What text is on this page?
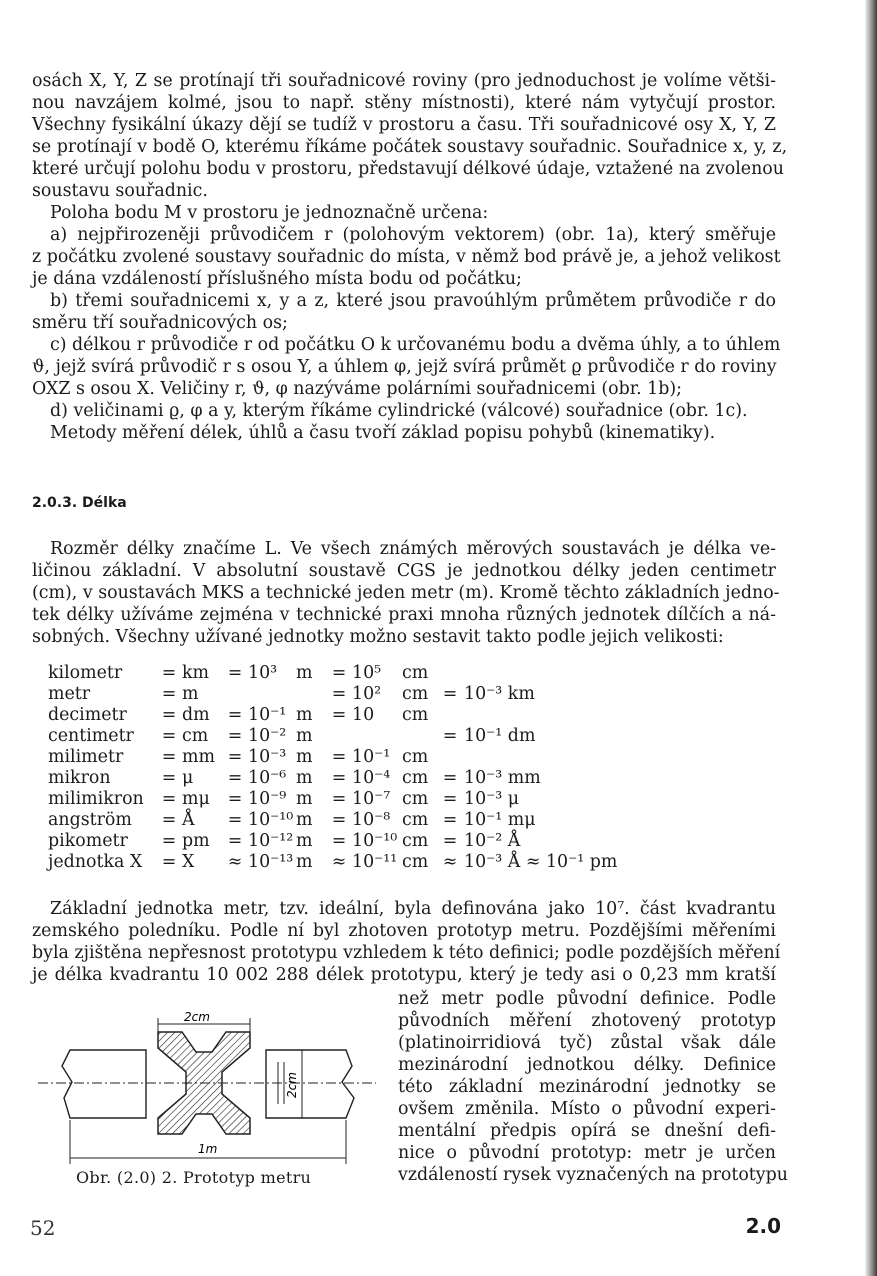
osách X, Y, Z se protínají tři souřadnicové roviny (pro jednoduchost je volíme větši-
nou navzájem kolmé, jsou to např. stěny místnosti), které nám vytyčují prostor.
Všechny fysikální úkazy dějí se tudíž v prostoru a času. Tři souřadnicové osy X, Y, Z
se protínají v bodě O, kterému říkáme počátek soustavy souřadnic. Souřadnice x, y, z,
které určují polohu bodu v prostoru, představují délkové údaje, vztažené na zvolenou
soustavu souřadnic.
Poloha bodu M v prostoru je jednoznačně určena:
a) nejpřirozeněji průvodičem r (polohovým vektorem) (obr. 1a), který směřuje
z počátku zvolené soustavy souřadnic do místa, v němž bod právě je, a jehož velikost
je dána vzdáleností příslušného místa bodu od počátku;
b) třemi souřadnicemi x, y a z, které jsou pravoúhlým průmětem průvodiče r do
směru tří souřadnicových os;
c) délkou r průvodiče r od počátku O k určovanému bodu a dvěma úhly, a to úhlem
ϑ, jejž svírá průvodič r s osou Y, a úhlem φ, jejž svírá průmět ϱ průvodiče r do roviny
OXZ s osou X. Veličiny r, ϑ, φ nazýváme polárními souřadnicemi (obr. 1b);
d) veličinami ϱ, φ a y, kterým říkáme cylindrické (válcové) souřadnice (obr. 1c).
Metody měření délek, úhlů a času tvoří základ popisu pohybů (kinematiky).
2.0.3. Délka
Rozměr délky značíme L. Ve všech známých měrových soustavách je délka ve-
ličinou základní. V absolutní soustavě CGS je jednotkou délky jeden centimetr
(cm), v soustavách MKS a technické jeden metr (m). Kromě těchto základních jedno-
tek délky užíváme zejména v technické praxi mnoha různých jednotek dílčích a ná-
sobných. Všechny užívané jednotky možno sestavit takto podle jejich velikosti:
kilometr	=	km	=	10³	m	=	10⁵	cm		
metr	=	m				=	10²	cm	=	10⁻³ km
decimetr	=	dm	=	10⁻¹	m	=	10	cm		
centimetr	=	cm	=	10⁻²	m				=	10⁻¹ dm
milimetr	=	mm	=	10⁻³	m	=	10⁻¹	cm		
mikron	=	μ	=	10⁻⁶	m	=	10⁻⁴	cm	=	10⁻³ mm
milimikron	=	mμ	=	10⁻⁹	m	=	10⁻⁷	cm	=	10⁻³ μ
angstrӧm	=	Å	=	10⁻¹⁰	m	=	10⁻⁸	cm	=	10⁻¹ mμ
pikometr	=	pm	=	10⁻¹²	m	=	10⁻¹⁰	cm	=	10⁻² Å
jednotka X	=	X	≈	10⁻¹³	m	≈	10⁻¹¹	cm	≈	10⁻³ Å ≈ 10⁻¹ pm
Základní jednotka metr, tzv. ideální, byla definována jako 10⁷. část kvadrantu
zemského poledníku. Podle ní byl zhotoven prototyp metru. Pozdějšími měřeními
byla zjištěna nepřesnost prototypu vzhledem k této definici; podle pozdějších měření
je délka kvadrantu 10 002 288 délek prototypu, který je tedy asi o 0,23 mm kratší
než metr podle původní definice. Podle
původních měření zhotovený prototyp
(platinoirridiová tyč) zůstal však dále
mezinárodní jednotkou délky. Definice
této základní mezinárodní jednotky se
ovšem změnila. Místo o původní experi-
mentální předpis opírá se dnešní defi-
nice o původní prototyp: metr je určen
vzdáleností rysek vyznačených na prototypu
2cm
2cm
1m
Obr. (2.0) 2. Prototyp metru
52	2.0
